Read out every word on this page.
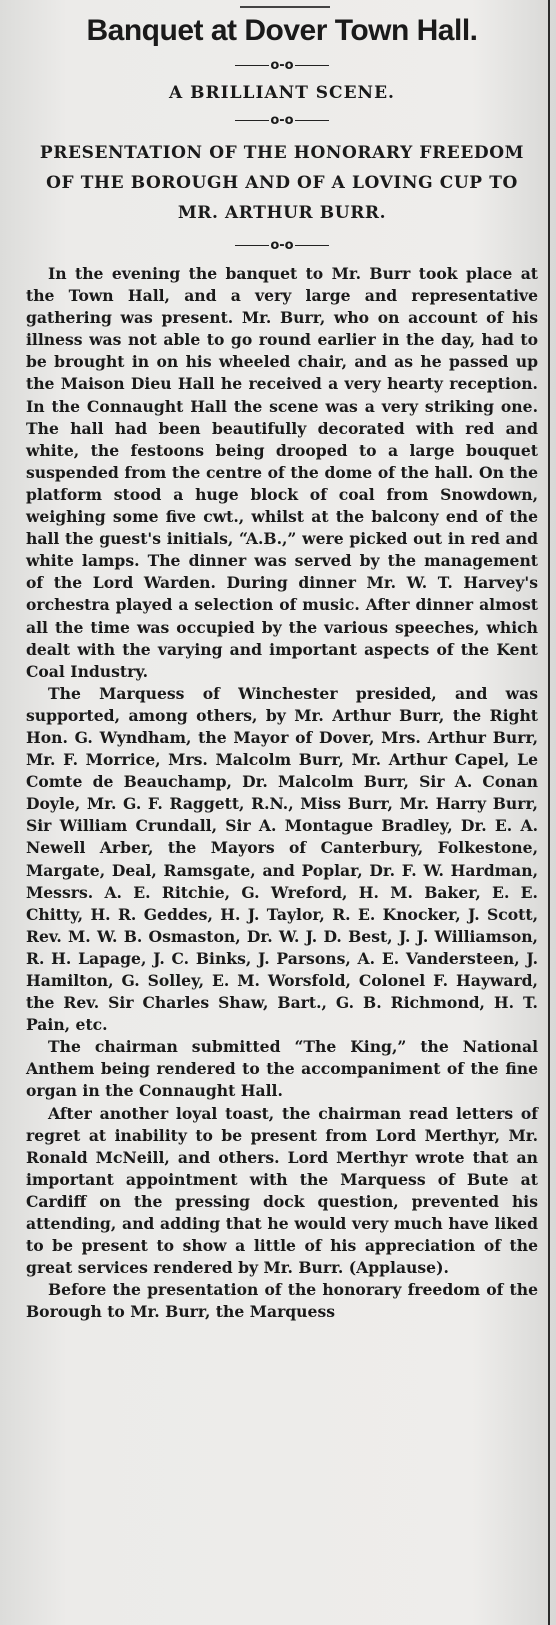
Banquet at Dover Town Hall.
o-o

A BRILLIANT SCENE.

o-o

PRESENTATION OF THE HONORARY FREEDOM OF THE BOROUGH AND OF A LOVING CUP TO MR. ARTHUR BURR.

o-o

In the evening the banquet to Mr. Burr took place at the Town Hall, and a very large and representative gathering was present. Mr. Burr, who on account of his illness was not able to go round earlier in the day, had to be brought in on his wheeled chair, and as he passed up the Maison Dieu Hall he received a very hearty reception. In the Connaught Hall the scene was a very striking one. The hall had been beautifully decorated with red and white, the festoons being drooped to a large bouquet suspended from the centre of the dome of the hall. On the platform stood a huge block of coal from Snowdown, weighing some five cwt., whilst at the balcony end of the hall the guest's initials, “A.B.,” were picked out in red and white lamps. The dinner was served by the management of the Lord Warden. During dinner Mr. W. T. Harvey's orchestra played a selection of music. After dinner almost all the time was occupied by the various speeches, which dealt with the varying and important aspects of the Kent Coal Industry.

The Marquess of Winchester presided, and was supported, among others, by Mr. Arthur Burr, the Right Hon. G. Wyndham, the Mayor of Dover, Mrs. Arthur Burr, Mr. F. Morrice, Mrs. Malcolm Burr, Mr. Arthur Capel, Le Comte de Beauchamp, Dr. Malcolm Burr, Sir A. Conan Doyle, Mr. G. F. Raggett, R.N., Miss Burr, Mr. Harry Burr, Sir William Crundall, Sir A. Montague Bradley, Dr. E. A. Newell Arber, the Mayors of Canterbury, Folkestone, Margate, Deal, Ramsgate, and Poplar, Dr. F. W. Hardman, Messrs. A. E. Ritchie, G. Wreford, H. M. Baker, E. E. Chitty, H. R. Geddes, H. J. Taylor, R. E. Knocker, J. Scott, Rev. M. W. B. Osmaston, Dr. W. J. D. Best, J. J. Williamson, R. H. Lapage, J. C. Binks, J. Parsons, A. E. Vandersteen, J. Hamilton, G. Solley, E. M. Worsfold, Colonel F. Hayward, the Rev. Sir Charles Shaw, Bart., G. B. Richmond, H. T. Pain, etc.

The chairman submitted “The King,” the National Anthem being rendered to the accompaniment of the fine organ in the Connaught Hall.

After another loyal toast, the chairman read letters of regret at inability to be present from Lord Merthyr, Mr. Ronald McNeill, and others. Lord Merthyr wrote that an important appointment with the Marquess of Bute at Cardiff on the pressing dock question, prevented his attending, and adding that he would very much have liked to be present to show a little of his appreciation of the great services rendered by Mr. Burr. (Applause).

Before the presentation of the honorary freedom of the Borough to Mr. Burr, the Marquess
